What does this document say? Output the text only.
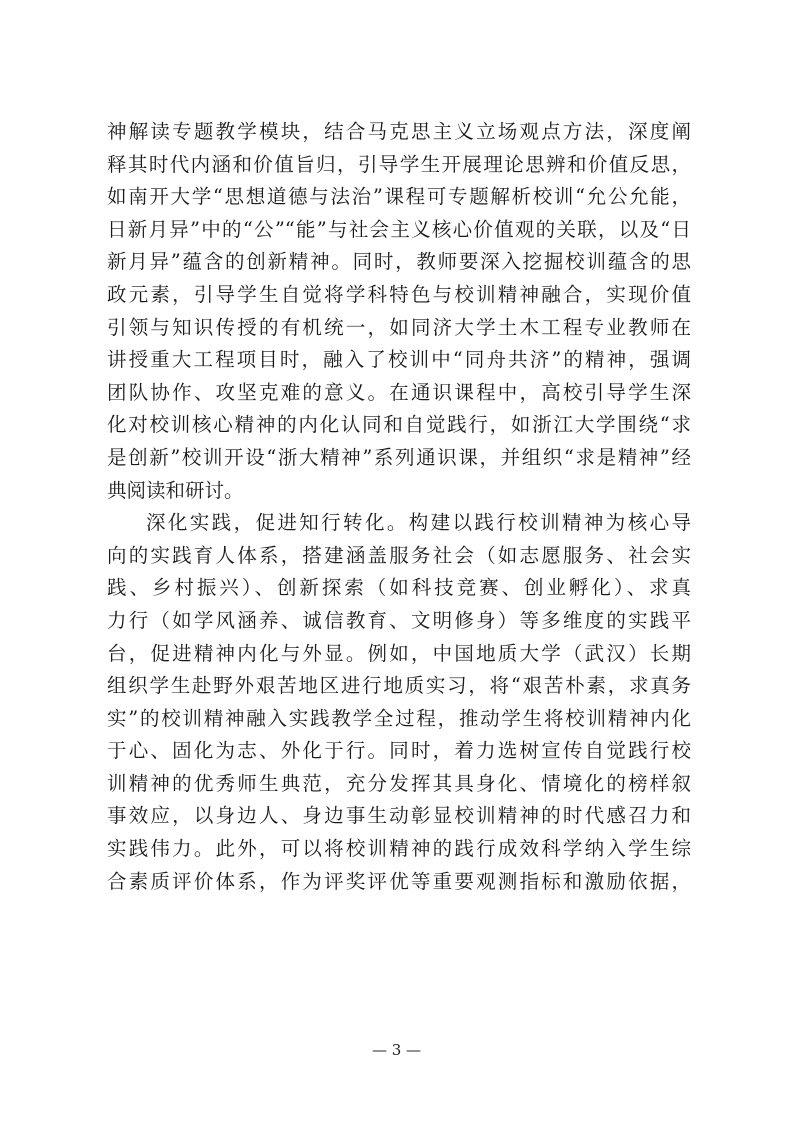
神解读专题教学模块，结合马克思主义立场观点方法，深度阐
释其时代内涵和价值旨归，引导学生开展理论思辨和价值反思，
如南开大学“思想道德与法治”课程可专题解析校训“允公允能，
日新月异”中的“公”“能”与社会主义核心价值观的关联，以及“日
新月异”蕴含的创新精神。同时，教师要深入挖掘校训蕴含的思
政元素，引导学生自觉将学科特色与校训精神融合，实现价值
引领与知识传授的有机统一，如同济大学土木工程专业教师在
讲授重大工程项目时，融入了校训中“同舟共济”的精神，强调
团队协作、攻坚克难的意义。在通识课程中，高校引导学生深
化对校训核心精神的内化认同和自觉践行，如浙江大学围绕“求
是创新”校训开设“浙大精神”系列通识课，并组织“求是精神”经
典阅读和研讨。
深化实践，促进知行转化。构建以践行校训精神为核心导
向的实践育人体系，搭建涵盖服务社会（如志愿服务、社会实
践、乡村振兴）、创新探索（如科技竞赛、创业孵化）、求真
力行（如学风涵养、诚信教育、文明修身）等多维度的实践平
台，促进精神内化与外显。例如，中国地质大学（武汉）长期
组织学生赴野外艰苦地区进行地质实习，将“艰苦朴素，求真务
实”的校训精神融入实践教学全过程，推动学生将校训精神内化
于心、固化为志、外化于行。同时，着力选树宣传自觉践行校
训精神的优秀师生典范，充分发挥其具身化、情境化的榜样叙
事效应，以身边人、身边事生动彰显校训精神的时代感召力和
实践伟力。此外，可以将校训精神的践行成效科学纳入学生综
合素质评价体系，作为评奖评优等重要观测指标和激励依据，
— 3 —
